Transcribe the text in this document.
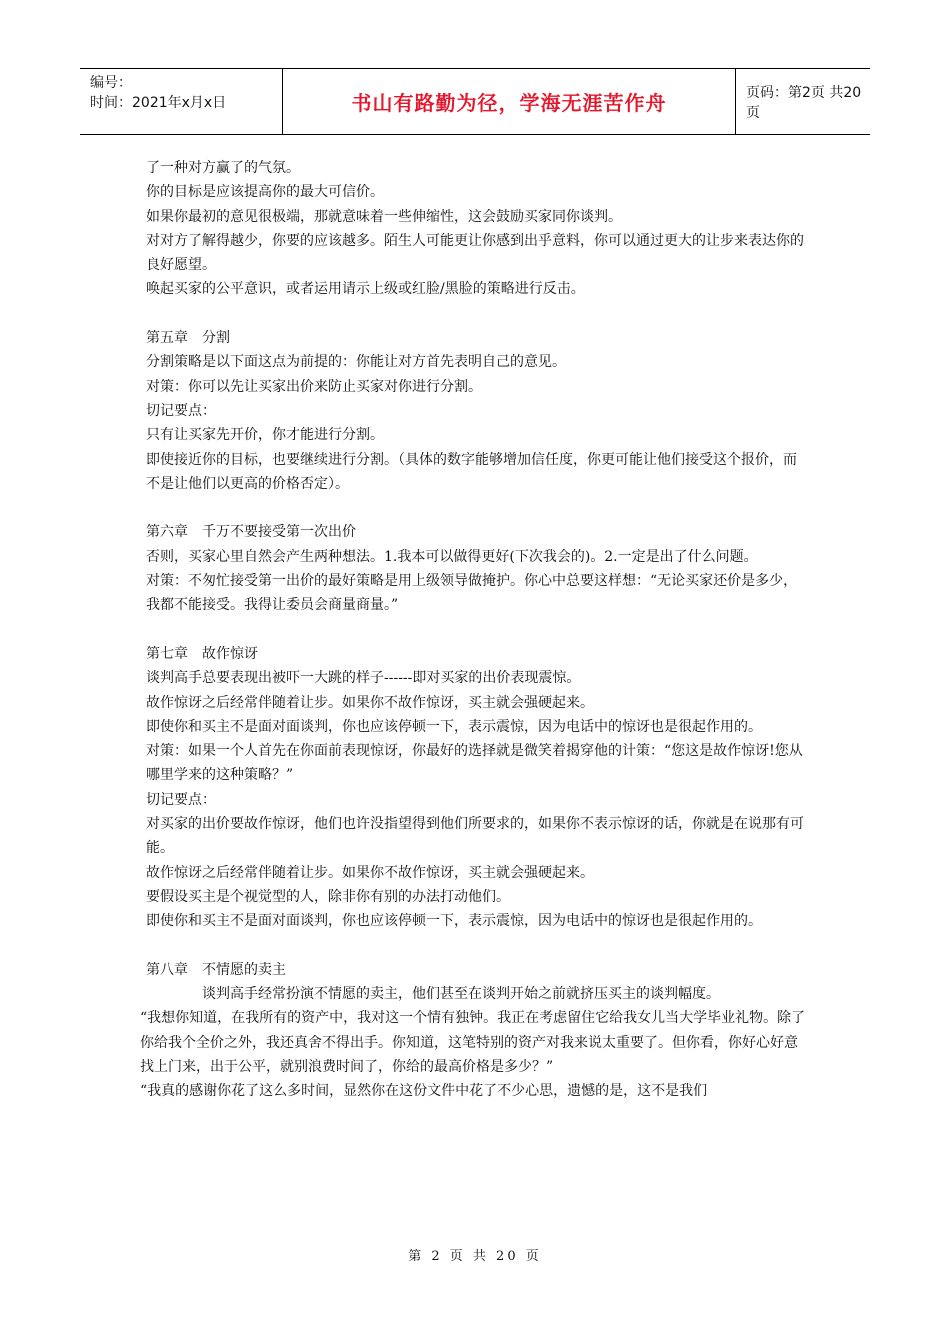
编号：
时间：2021年x月x日	书山有路勤为径，学海无涯苦作舟	页码：第2页 共20页

了一种对方赢了的气氛。

你的目标是应该提高你的最大可信价。

如果你最初的意见很极端，那就意味着一些伸缩性，这会鼓励买家同你谈判。

对对方了解得越少，你要的应该越多。陌生人可能更让你感到出乎意料，你可以通过更大的让步来表达你的良好愿望。

唤起买家的公平意识，或者运用请示上级或红脸/黑脸的策略进行反击。

第五章 分割

分割策略是以下面这点为前提的：你能让对方首先表明自己的意见。

对策：你可以先让买家出价来防止买家对你进行分割。

切记要点：

只有让买家先开价，你才能进行分割。

即使接近你的目标，也要继续进行分割。（具体的数字能够增加信任度，你更可能让他们接受这个报价，而不是让他们以更高的价格否定）。

第六章 千万不要接受第一次出价

否则，买家心里自然会产生两种想法。1.我本可以做得更好(下次我会的)。2.一定是出了什么问题。

对策：不匆忙接受第一出价的最好策略是用上级领导做掩护。你心中总要这样想：“无论买家还价是多少，我都不能接受。我得让委员会商量商量。”

第七章 故作惊讶

谈判高手总要表现出被吓一大跳的样子------即对买家的出价表现震惊。

故作惊讶之后经常伴随着让步。如果你不故作惊讶，买主就会强硬起来。

即使你和买主不是面对面谈判，你也应该停顿一下，表示震惊，因为电话中的惊讶也是很起作用的。

对策：如果一个人首先在你面前表现惊讶，你最好的选择就是微笑着揭穿他的计策：“您这是故作惊讶!您从哪里学来的这种策略？”

切记要点：

对买家的出价要故作惊讶，他们也许没指望得到他们所要求的，如果你不表示惊讶的话，你就是在说那有可能。

故作惊讶之后经常伴随着让步。如果你不故作惊讶，买主就会强硬起来。

要假设买主是个视觉型的人，除非你有别的办法打动他们。

即使你和买主不是面对面谈判，你也应该停顿一下，表示震惊，因为电话中的惊讶也是很起作用的。

第八章 不情愿的卖主

谈判高手经常扮演不情愿的卖主，他们甚至在谈判开始之前就挤压买主的谈判幅度。

“我想你知道，在我所有的资产中，我对这一个情有独钟。我正在考虑留住它给我女儿当大学毕业礼物。除了你给我个全价之外，我还真舍不得出手。你知道，这笔特别的资产对我来说太重要了。但你看，你好心好意找上门来，出于公平，就别浪费时间了，你给的最高价格是多少？”

“我真的感谢你花了这么多时间，显然你在这份文件中花了不少心思，遗憾的是，这不是我们

第 2 页 共 20 页
